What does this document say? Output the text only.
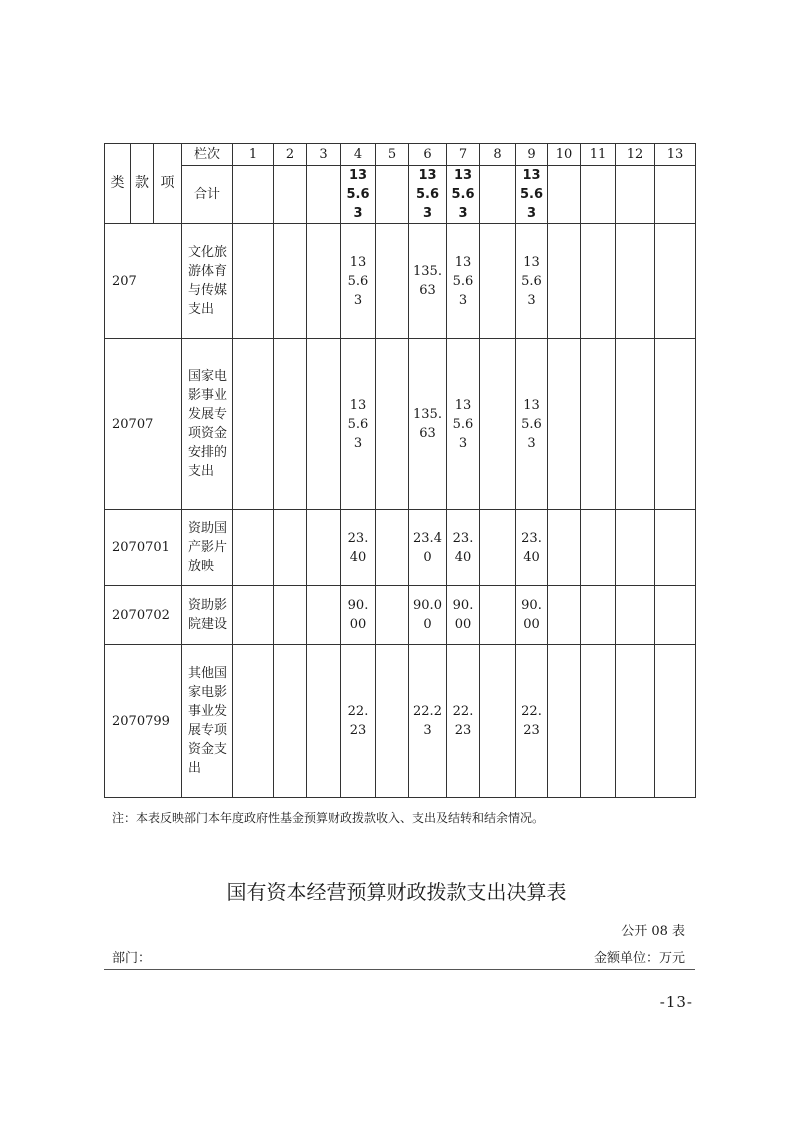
类	款	项	栏次	1	2	3	4	5	6	7	8	9	10	11	12	13
			合计				135.63		135.63	135.63		135.63				
207			文化旅游体育与传媒支出				135.63		135.63	135.63		135.63				
20707			国家电影事业发展专项资金安排的支出				135.63		135.63	135.63		135.63				
2070701			资助国产影片放映				23.40		23.40	23.40		23.40				
2070702			资助影院建设				90.00		90.00	90.00		90.00				
2070799			其他国家电影事业发展专项资金支出				22.23		22.23	22.23		22.23				
注：本表反映部门本年度政府性基金预算财政拨款收入、支出及结转和结余情况。
国有资本经营预算财政拨款支出决算表
公开 08 表
部门：	金额单位：万元
-13-
